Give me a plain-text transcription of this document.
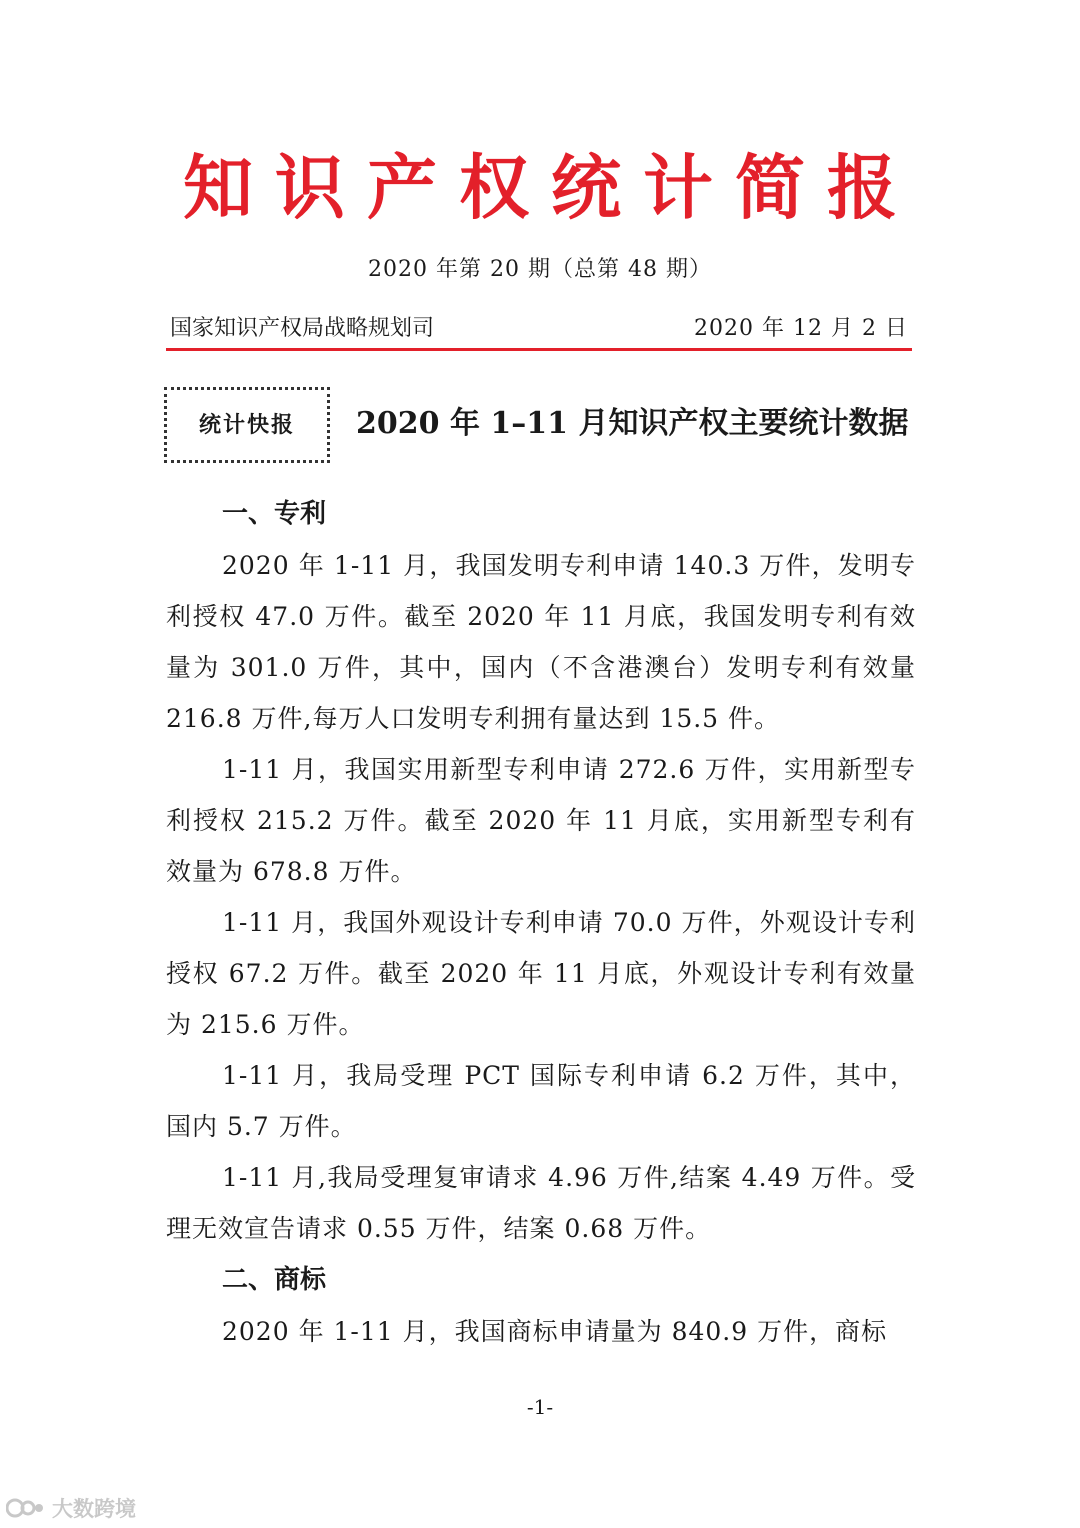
知识产权统计简报
2020 年第 20 期（总第 48 期）
国家知识产权局战略规划司	2020 年 12 月 2 日
统计快报	2020 年 1–11 月知识产权主要统计数据
一、专利

2020 年 1-11 月，我国发明专利申请 140.3 万件，发明专利授权 47.0 万件。截至 2020 年 11 月底，我国发明专利有效量为 301.0 万件，其中，国内（不含港澳台）发明专利有效量 216.8 万件,每万人口发明专利拥有量达到 15.5 件。

1-11 月，我国实用新型专利申请 272.6 万件，实用新型专利授权 215.2 万件。截至 2020 年 11 月底，实用新型专利有效量为 678.8 万件。

1-11 月，我国外观设计专利申请 70.0 万件，外观设计专利授权 67.2 万件。截至 2020 年 11 月底，外观设计专利有效量为 215.6 万件。

1-11 月，我局受理 PCT 国际专利申请 6.2 万件，其中，国内 5.7 万件。

1-11 月,我局受理复审请求 4.96 万件,结案 4.49 万件。受理无效宣告请求 0.55 万件，结案 0.68 万件。

二、商标

2020 年 1-11 月，我国商标申请量为 840.9 万件，商标

-1-
大数跨境
